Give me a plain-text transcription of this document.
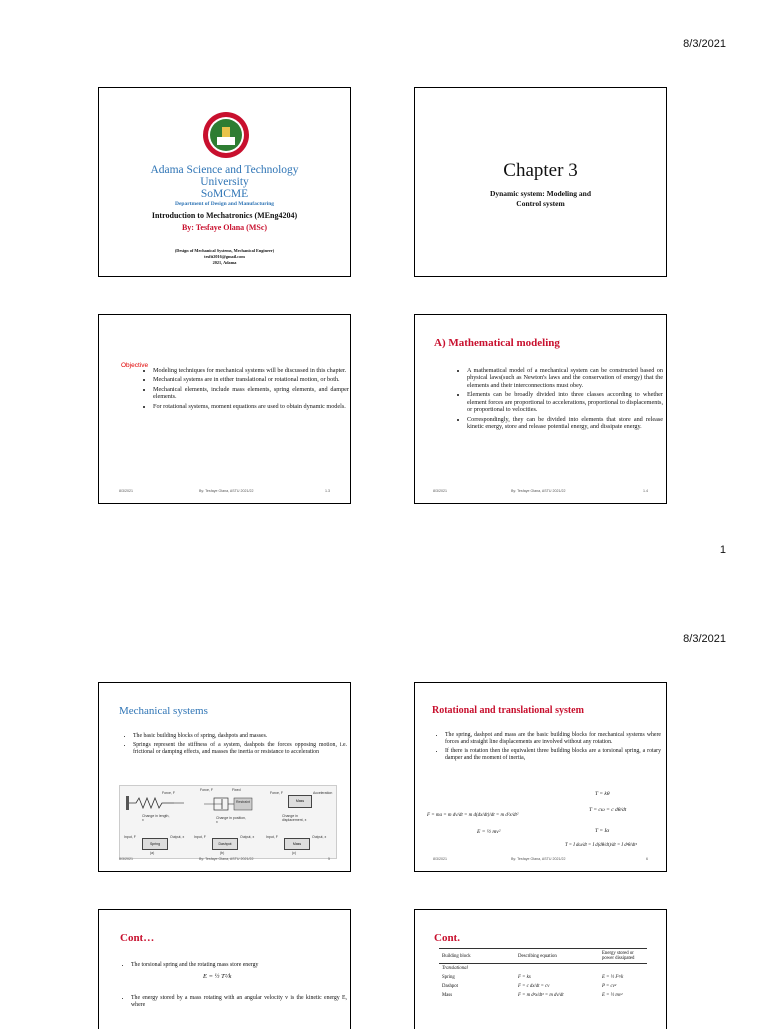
8/3/2021
Adama Science and Technology
University
SoMCME
Department of Design and Manufacturing
Introduction to Mechatronics (MEng4204)
By: Tesfaye Olana (MSc)
(Design of Mechanical Systems, Mechanical Engineer)
tesfit2016@gmail.com
2021, Adama
Chapter 3
Dynamic system: Modeling and
Control system
Objective
• Modeling techniques for mechanical systems will be discussed in this chapter.
• Mechanical systems are in either translational or rotational motion, or both.
• Mechanical elements, include mass elements, spring elements, and damper elements.
• For rotational systems, moment equations are used to obtain dynamic models.
8/3/2021	By: Tesfaye Olana, ASTU 2021/22	1.3
A) Mathematical modeling
• A mathematical model of a mechanical system can be constructed based on physical laws(such as Newton's laws and the conservation of energy) that the elements and their interconnections must obey.
• Elements can be broadly divided into three classes according to whether element forces are proportional to accelerations, proportional to displacements, or proportional to velocities.
• Correspondingly, they can be divided into elements that store and release kinetic energy, store and release potential energy, and dissipate energy.
8/3/2021	By: Tesfaye Olana, ASTU 2021/22	1.4
1
8/3/2021
Mechanical systems
• The basic building blocks of spring, dashpots and masses.
• Springs represent the stiffness of a system, dashpots the forces opposing motion, i.e. frictional or damping effects, and masses the inertia or resistance to acceleration
Force, F
Change in length, x
Force, F	Fixed
Restraint
Change in position, x
Force, F
Mass
Acceleration
Change in displacement, x
Input, F
Spring
Output, x	Input, F
Dashpot
Output, x	Input, F
Mass
Output, x
(a)	(b)	(c)
8/3/2021	By: Tesfaye Olana, ASTU 2021/22	5
Rotational and translational system
• The spring, dashpot and mass are the basic building blocks for mechanical systems where forces and straight line displacements are involved without any rotation.
• If there is rotation then the equivalent three building blocks are a torsional spring, a rotary damper and the moment of inertia,
T = kθ
T = cω = c dθ/dt
F = ma = m dv/dt = m d(dx/dt)/dt = m d²x/dt²
T = Iα
E = ½ mv²
T = I dω/dt = I d(dθ/dt)/dt = I d²θ/dt²
8/3/2021	By: Tesfaye Olana, ASTU 2021/22	6
Cont…
• The torsional spring and the rotating mass store energy
E = ½ T²/k
• The energy stored by a mass rotating with an angular velocity v is the kinetic energy E, where
Cont.
Building block	Describing equation	Energy stored or power dissipated
Translational		
Spring	F = kx	E = ½ F²/k
Dashpot	F = c dx/dt = cv	P = cv²
Mass	F = m d²x/dt² = m dv/dt	E = ½ mv²
